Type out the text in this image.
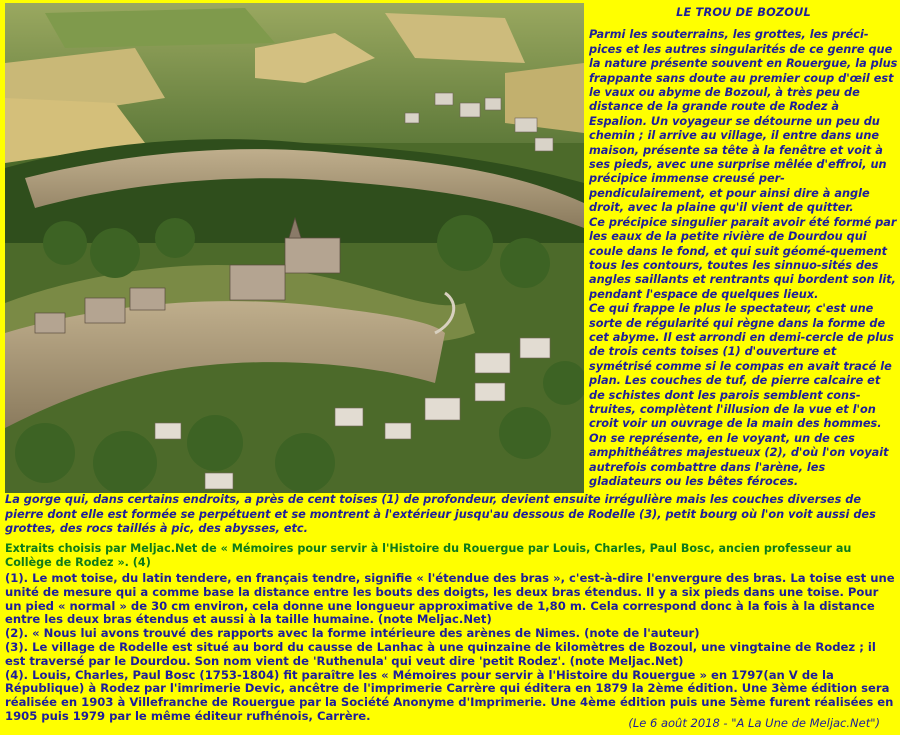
LE TROU DE BOZOUL

Parmi les souterrains, les grottes, les préci-pices et les autres singularités de ce genre que la nature présente souvent en Rouergue, la plus frappante sans doute au premier coup d'œil est le vaux ou abyme de Bozoul, à très peu de distance de la grande route de Rodez à Espalion. Un voyageur se détourne un peu du chemin ; il arrive au village, il entre dans une maison, présente sa tête à la fenêtre et voit à ses pieds, avec une surprise mêlée d'effroi, un précipice immense creusé per-pendiculairement, et pour ainsi dire à angle droit, avec la plaine qu'il vient de quitter.

Ce précipice singulier parait avoir été formé par les eaux de la petite rivière de Dourdou qui coule dans le fond, et qui suit géomé-quement tous les contours, toutes les sinnuo-sités des angles saillants et rentrants qui bordent son lit, pendant l'espace de quelques lieux.

Ce qui frappe le plus le spectateur, c'est une sorte de régularité qui règne dans la forme de cet abyme. Il est arrondi en demi-cercle de plus de trois cents toises (1) d'ouverture et symétrisé comme si le compas en avait tracé le plan. Les couches de tuf, de pierre calcaire et de schistes dont les parois semblent cons-truites, complètent l'illusion de la vue et l'on croit voir un ouvrage de la main des hommes.

On se représente, en le voyant, un de ces amphithéâtres majestueux (2), d'où l'on voyait autrefois combattre dans l'arène, les gladiateurs ou les bêtes féroces.

La gorge qui, dans certains endroits, a près de cent toises (1) de profondeur, devient ensuite irrégulière mais les couches diverses de pierre dont elle est formée se perpétuent et se montrent à l'extérieur jusqu'au dessous de Rodelle (3), petit bourg où l'on voit aussi des grottes, des rocs taillés à pic, des abysses, etc.
Extraits choisis par Meljac.Net de « Mémoires pour servir à l'Histoire du Rouergue par Louis, Charles, Paul Bosc, ancien professeur au Collège de Rodez ». (4)

(1). Le mot toise, du latin tendere, en français tendre, signifie « l'étendue des bras », c'est-à-dire l'envergure des bras. La toise est une unité de mesure qui a comme base la distance entre les bouts des doigts, les deux bras étendus. Il y a six pieds dans une toise. Pour un pied « normal » de 30 cm environ, cela donne une longueur approximative de 1,80 m. Cela correspond donc à la fois à la distance entre les deux bras étendus et aussi à la taille humaine. (note Meljac.Net)

(2). « Nous lui avons trouvé des rapports avec la forme intérieure des arènes de Nimes. (note de l'auteur)

(3). Le village de Rodelle est situé au bord du causse de Lanhac à une quinzaine de kilomètres de Bozoul, une vingtaine de Rodez ; il est traversé par le Dourdou. Son nom vient de 'Ruthenula' qui veut dire 'petit Rodez'. (note Meljac.Net)

(4). Louis, Charles, Paul Bosc (1753-1804) fit paraître les « Mémoires pour servir à l'Histoire du Rouergue » en 1797(an V de la République) à Rodez par l'imrimerie Devic, ancêtre de l'imprimerie Carrère qui éditera en 1879 la 2ème édition. Une 3ème édition sera réalisée en 1903 à Villefranche de Rouergue par la Société Anonyme d'Imprimerie. Une 4ème édition puis une 5ème furent réalisées en 1905 puis 1979 par le même éditeur rufhénois, Carrère.

(Le 6 août 2018 - "A La Une de Meljac.Net")
